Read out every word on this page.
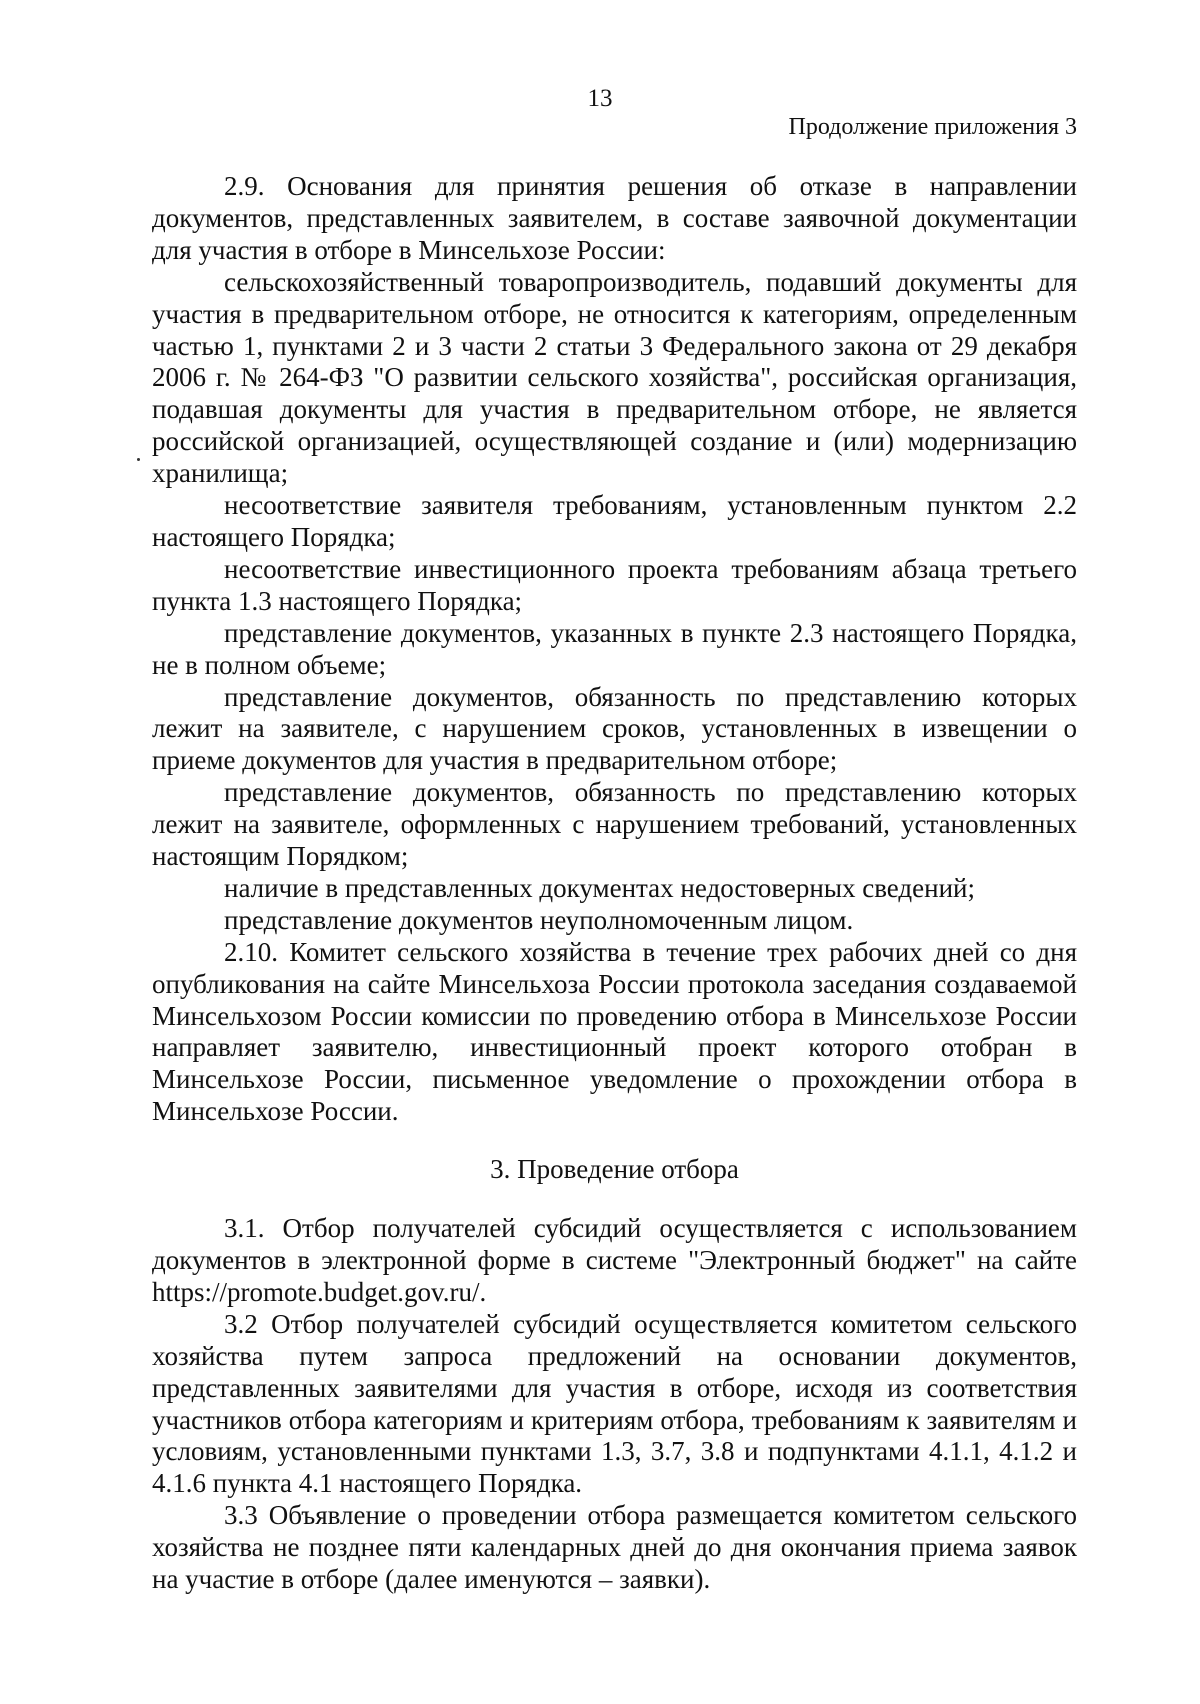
13
Продолжение приложения 3

2.9. Основания для принятия решения об отказе в направлении документов, представленных заявителем, в составе заявочной документации для участия в отборе в Минсельхозе России:

сельскохозяйственный товаропроизводитель, подавший документы для участия в предварительном отборе, не относится к категориям, определенным частью 1, пунктами 2 и 3 части 2 статьи 3 Федерального закона от 29 декабря 2006 г. № 264-ФЗ "О развитии сельского хозяйства", российская организация, подавшая документы для участия в предварительном отборе, не является российской организацией, осуществляющей создание и (или) модернизацию хранилища;

несоответствие заявителя требованиям, установленным пунктом 2.2 настоящего Порядка;

несоответствие инвестиционного проекта требованиям абзаца третьего пункта 1.3 настоящего Порядка;

представление документов, указанных в пункте 2.3 настоящего Порядка, не в полном объеме;

представление документов, обязанность по представлению которых лежит на заявителе, с нарушением сроков, установленных в извещении о приеме документов для участия в предварительном отборе;

представление документов, обязанность по представлению которых лежит на заявителе, оформленных с нарушением требований, установленных настоящим Порядком;

наличие в представленных документах недостоверных сведений;

представление документов неуполномоченным лицом.

2.10. Комитет сельского хозяйства в течение трех рабочих дней со дня опубликования на сайте Минсельхоза России протокола заседания создаваемой Минсельхозом России комиссии по проведению отбора в Минсельхозе России направляет заявителю, инвестиционный проект которого отобран в Минсельхозе России, письменное уведомление о прохождении отбора в Минсельхозе России.

3. Проведение отбора

3.1. Отбор получателей субсидий осуществляется с использованием документов в электронной форме в системе "Электронный бюджет" на сайте https://promote.budget.gov.ru/.

3.2 Отбор получателей субсидий осуществляется комитетом сельского хозяйства путем запроса предложений на основании документов, представленных заявителями для участия в отборе, исходя из соответствия участников отбора категориям и критериям отбора, требованиям к заявителям и условиям, установленными пунктами 1.3, 3.7, 3.8 и подпунктами 4.1.1, 4.1.2 и 4.1.6 пункта 4.1 настоящего Порядка.

3.3 Объявление о проведении отбора размещается комитетом сельского хозяйства не позднее пяти календарных дней до дня окончания приема заявок на участие в отборе (далее именуются – заявки).
